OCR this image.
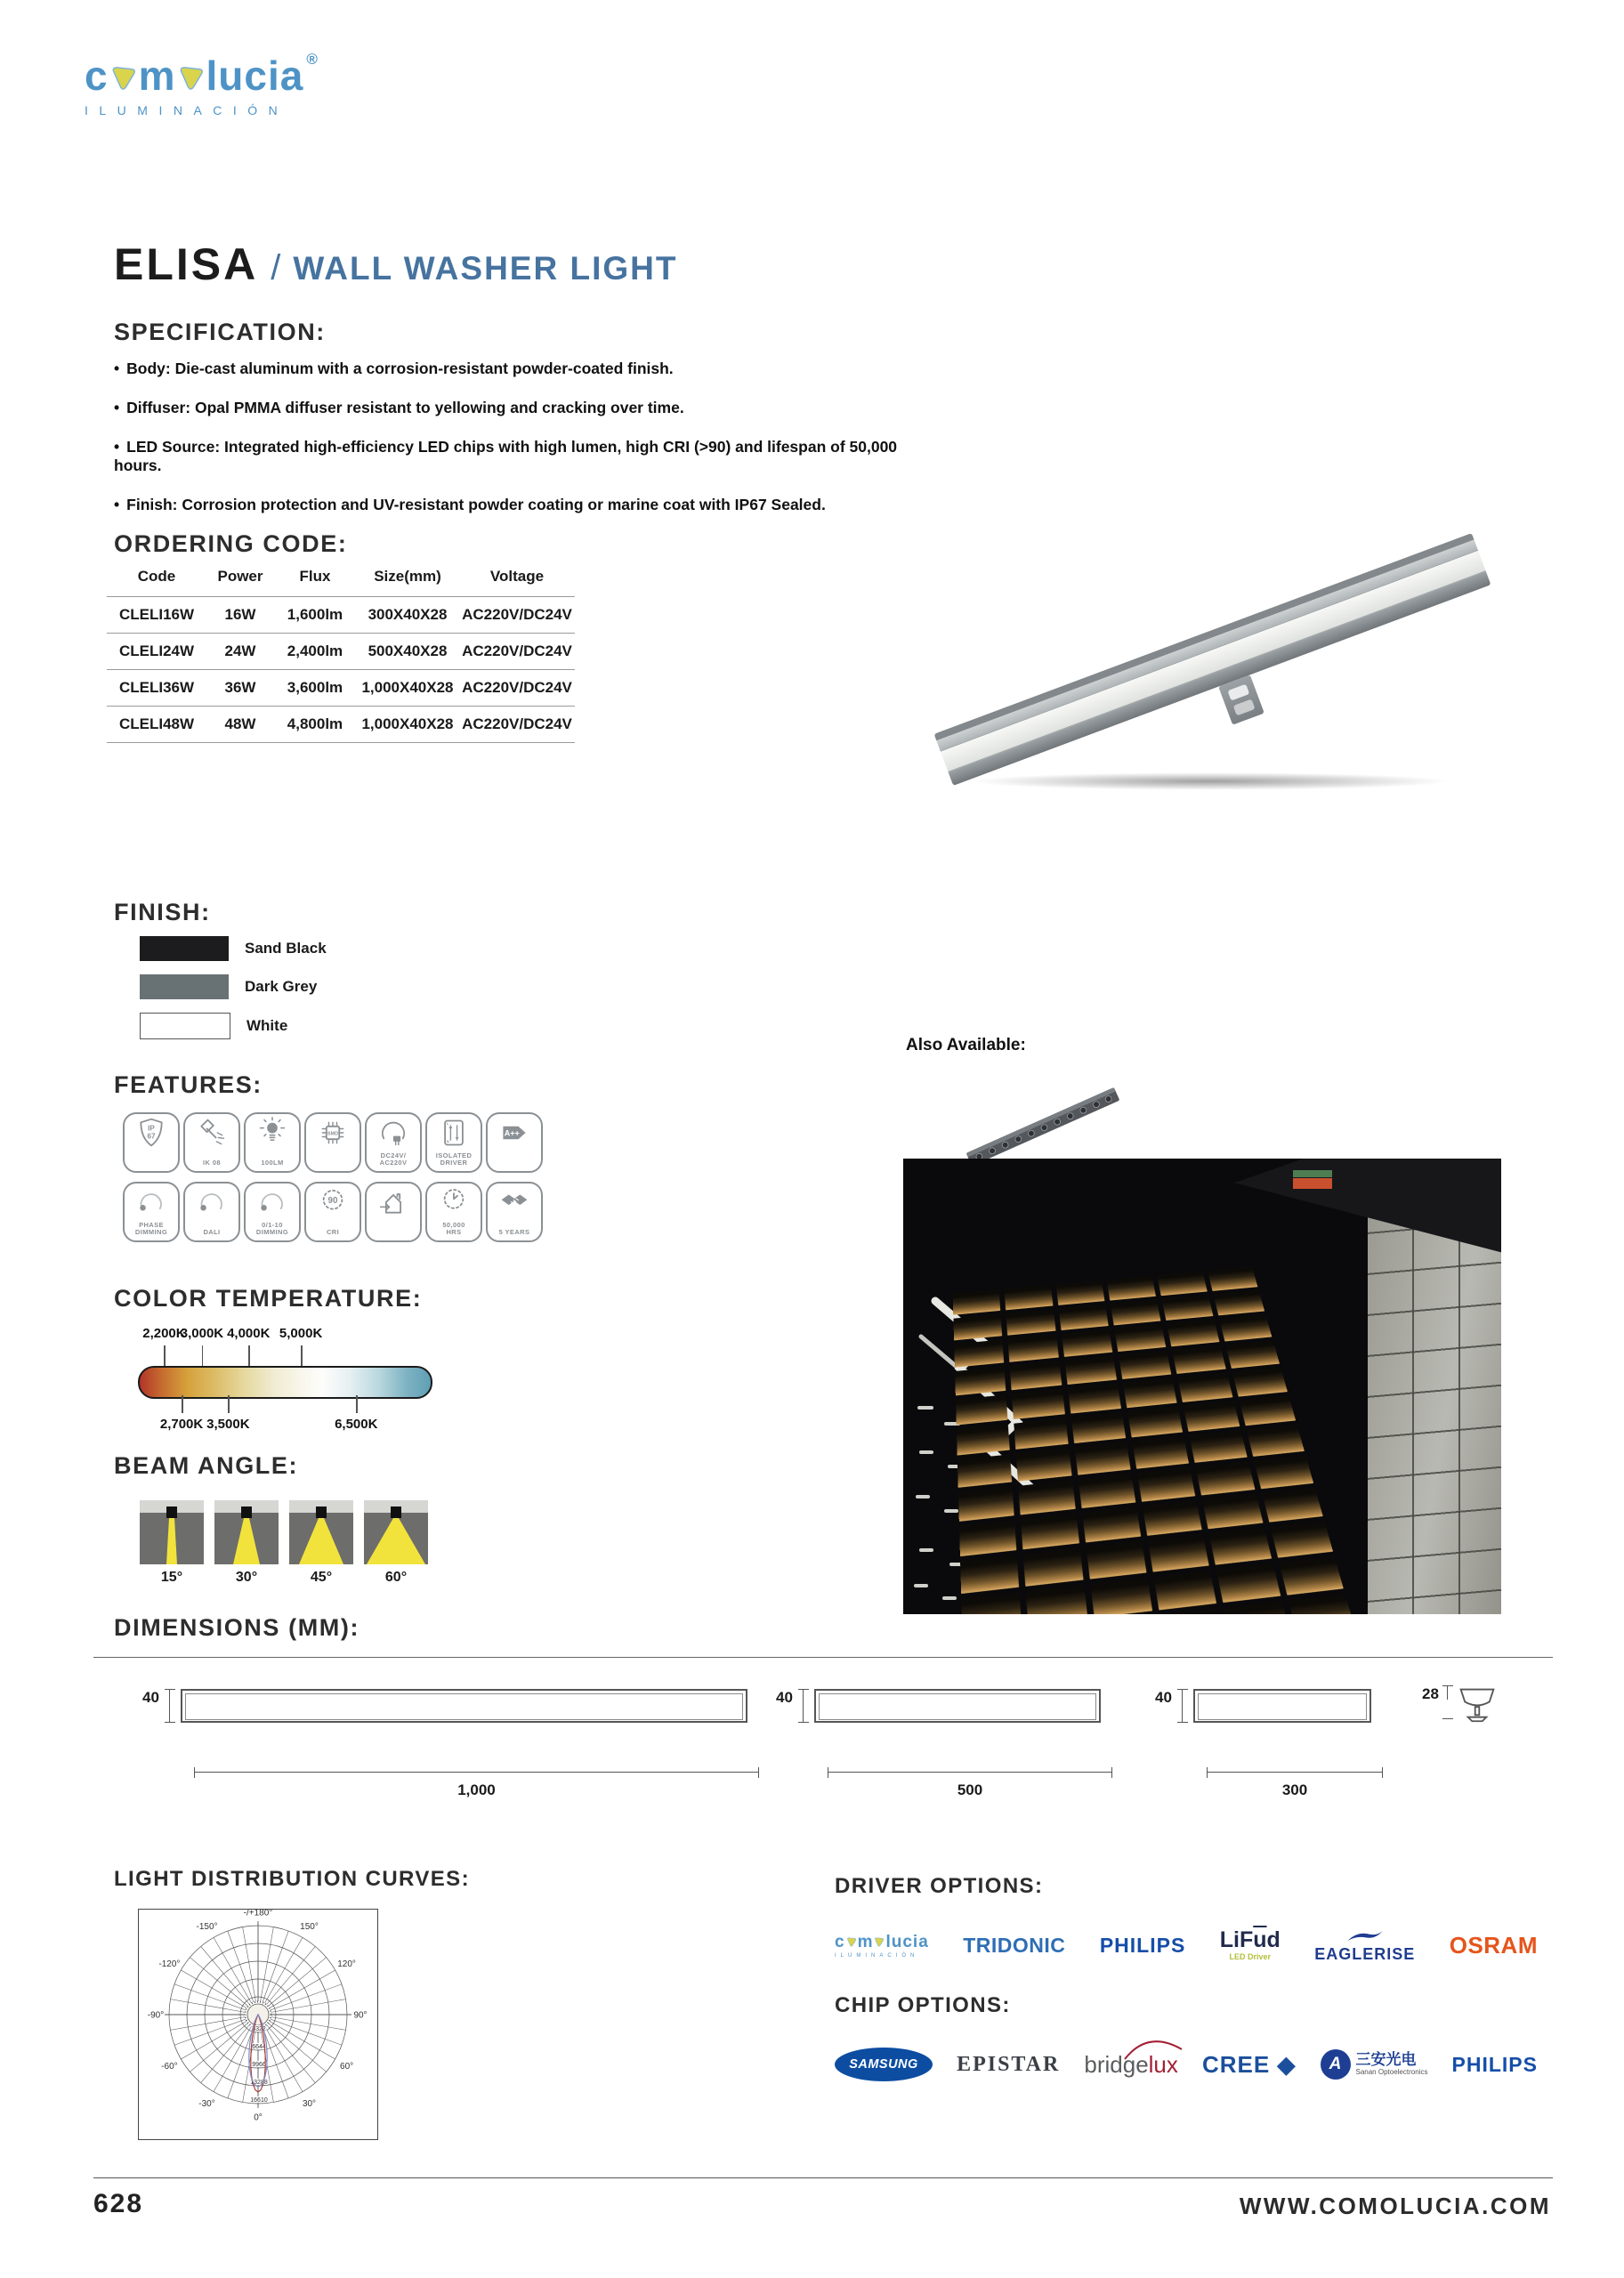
c m lucia ®
ILUMINACIÓN
ELISA / WALL WASHER LIGHT
SPECIFICATION:
• Body: Die-cast aluminum with a corrosion-resistant powder-coated finish.
• Diffuser: Opal PMMA diffuser resistant to yellowing and cracking over time.
• LED Source: Integrated high-efficiency LED chips with high lumen, high CRI (>90) and lifespan of 50,000 hours.
• Finish: Corrosion protection and UV-resistant powder coating or marine coat with IP67 Sealed.
ORDERING CODE:
Code	Power	Flux	Size(mm)	Voltage
CLELI16W	16W	1,600lm	300X40X28	AC220V/DC24V
CLELI24W	24W	2,400lm	500X40X28	AC220V/DC24V
CLELI36W	36W	3,600lm	1,000X40X28	AC220V/DC24V
CLELI48W	48W	4,800lm	1,000X40X28	AC220V/DC24V
FINISH:
Sand Black
Dark Grey
White
FEATURES:
IP
67
IK 08	100LM
SMD
DC24V/
AC220V
L
N
ISOLATED
DRIVER
A++
PHASE
DIMMING	DALI
0/1-10
DIMMING
90
CRI
50,000
HRS	5 YEARS
COLOR TEMPERATURE:
2,200K
3,000K 4,000K 5,000K
2,700K 3,500K	6,500K
BEAM ANGLE:
15°	30°	45°	60°
DIMENSIONS (MM):
40
1,000
40
500
40
300
28
LIGHT DISTRIBUTION CURVES:
0°
30°
60°
90°
120°
150°
-/+180°
-150°
-120°
-90°
-60°
-30°
3322
6644
9966
13288
16610
DRIVER OPTIONS:
c m lucia
ILUMINACIÓN	TRIDONIC PHILIPS $LiF\overline{u}d$
LED Driver	EAGLERISE OSRAM
CHIP OPTIONS:
SAMSUNG EPISTAR bridgelux CREE ◆	A 三安光电
Sanan Optoelectronics PHILIPS
Also Available:
628	WWW.COMOLUCIA.COM
